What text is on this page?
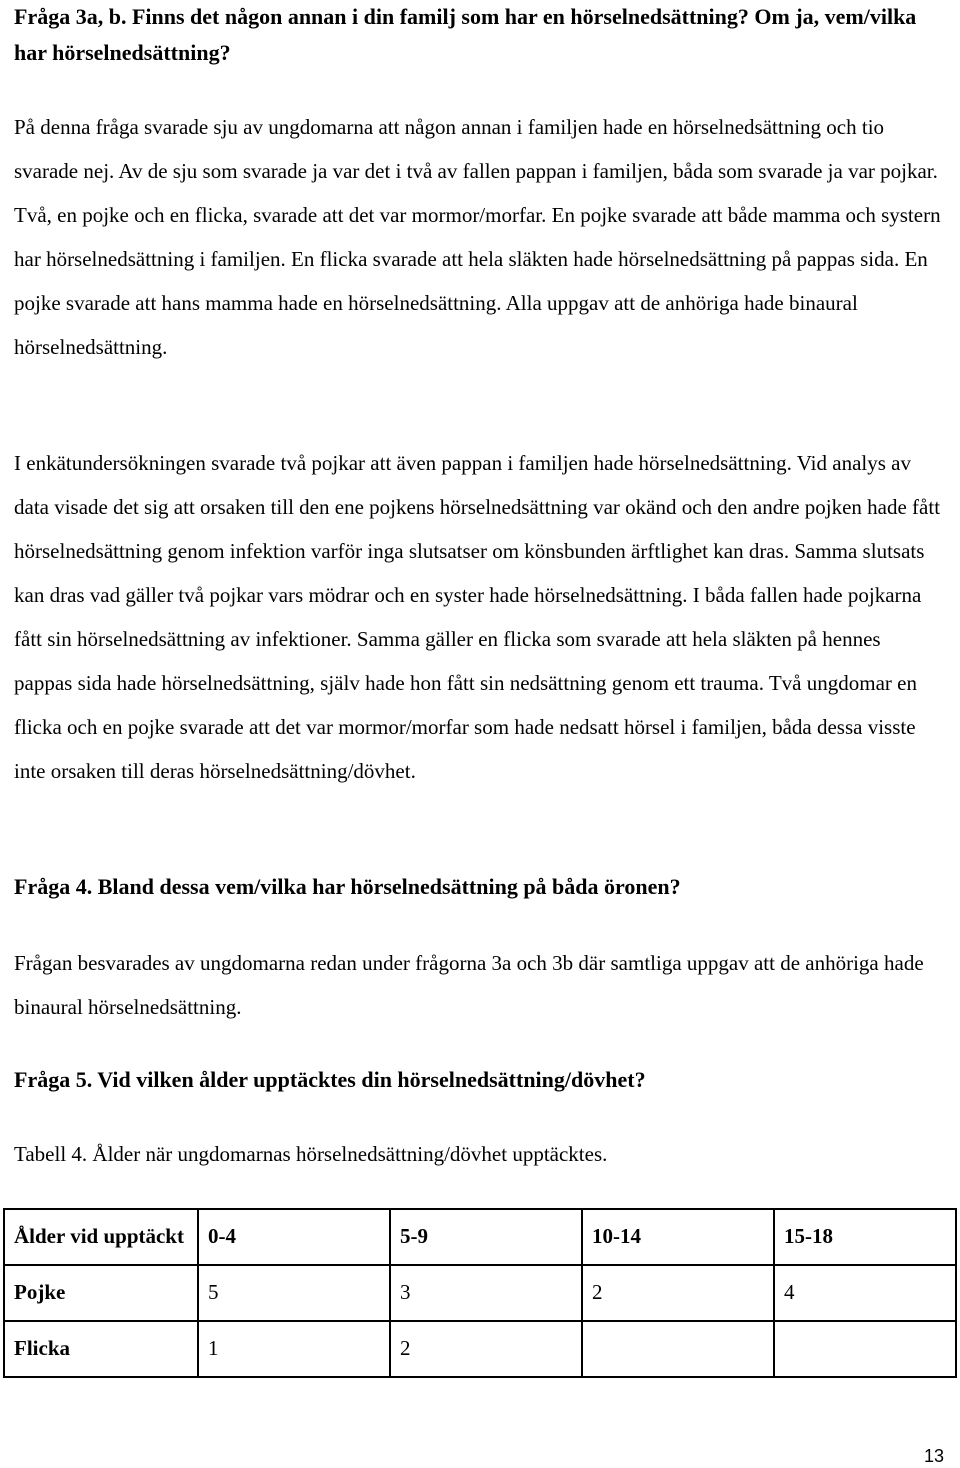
Fråga 3a, b. Finns det någon annan i din familj som har en hörselnedsättning? Om ja, vem/vilka har hörselnedsättning?

På denna fråga svarade sju av ungdomarna att någon annan i familjen hade en hörselnedsättning och tio svarade nej. Av de sju som svarade ja var det i två av fallen pappan i familjen, båda som svarade ja var pojkar. Två, en pojke och en flicka, svarade att det var mormor/morfar. En pojke svarade att både mamma och systern har hörselnedsättning i familjen. En flicka svarade att hela släkten hade hörselnedsättning på pappas sida. En pojke svarade att hans mamma hade en hörselnedsättning. Alla uppgav att de anhöriga hade binaural hörselnedsättning.

I enkätundersökningen svarade två pojkar att även pappan i familjen hade hörselnedsättning. Vid analys av data visade det sig att orsaken till den ene pojkens hörselnedsättning var okänd och den andre pojken hade fått hörselnedsättning genom infektion varför inga slutsatser om könsbunden ärftlighet kan dras. Samma slutsats kan dras vad gäller två pojkar vars mödrar och en syster hade hörselnedsättning. I båda fallen hade pojkarna fått sin hörselnedsättning av infektioner. Samma gäller en flicka som svarade att hela släkten på hennes pappas sida hade hörselnedsättning, själv hade hon fått sin nedsättning genom ett trauma. Två ungdomar en flicka och en pojke svarade att det var mormor/morfar som hade nedsatt hörsel i familjen, båda dessa visste inte orsaken till deras hörselnedsättning/dövhet.

Fråga 4. Bland dessa vem/vilka har hörselnedsättning på båda öronen?

Frågan besvarades av ungdomarna redan under frågorna 3a och 3b där samtliga uppgav att de anhöriga hade binaural hörselnedsättning.

Fråga 5. Vid vilken ålder upptäcktes din hörselnedsättning/dövhet?

Tabell 4. Ålder när ungdomarnas hörselnedsättning/dövhet upptäcktes.

Ålder vid upptäckt	0-4	5-9	10-14	15-18
Pojke	5	3	2	4
Flicka	1	2		
13
